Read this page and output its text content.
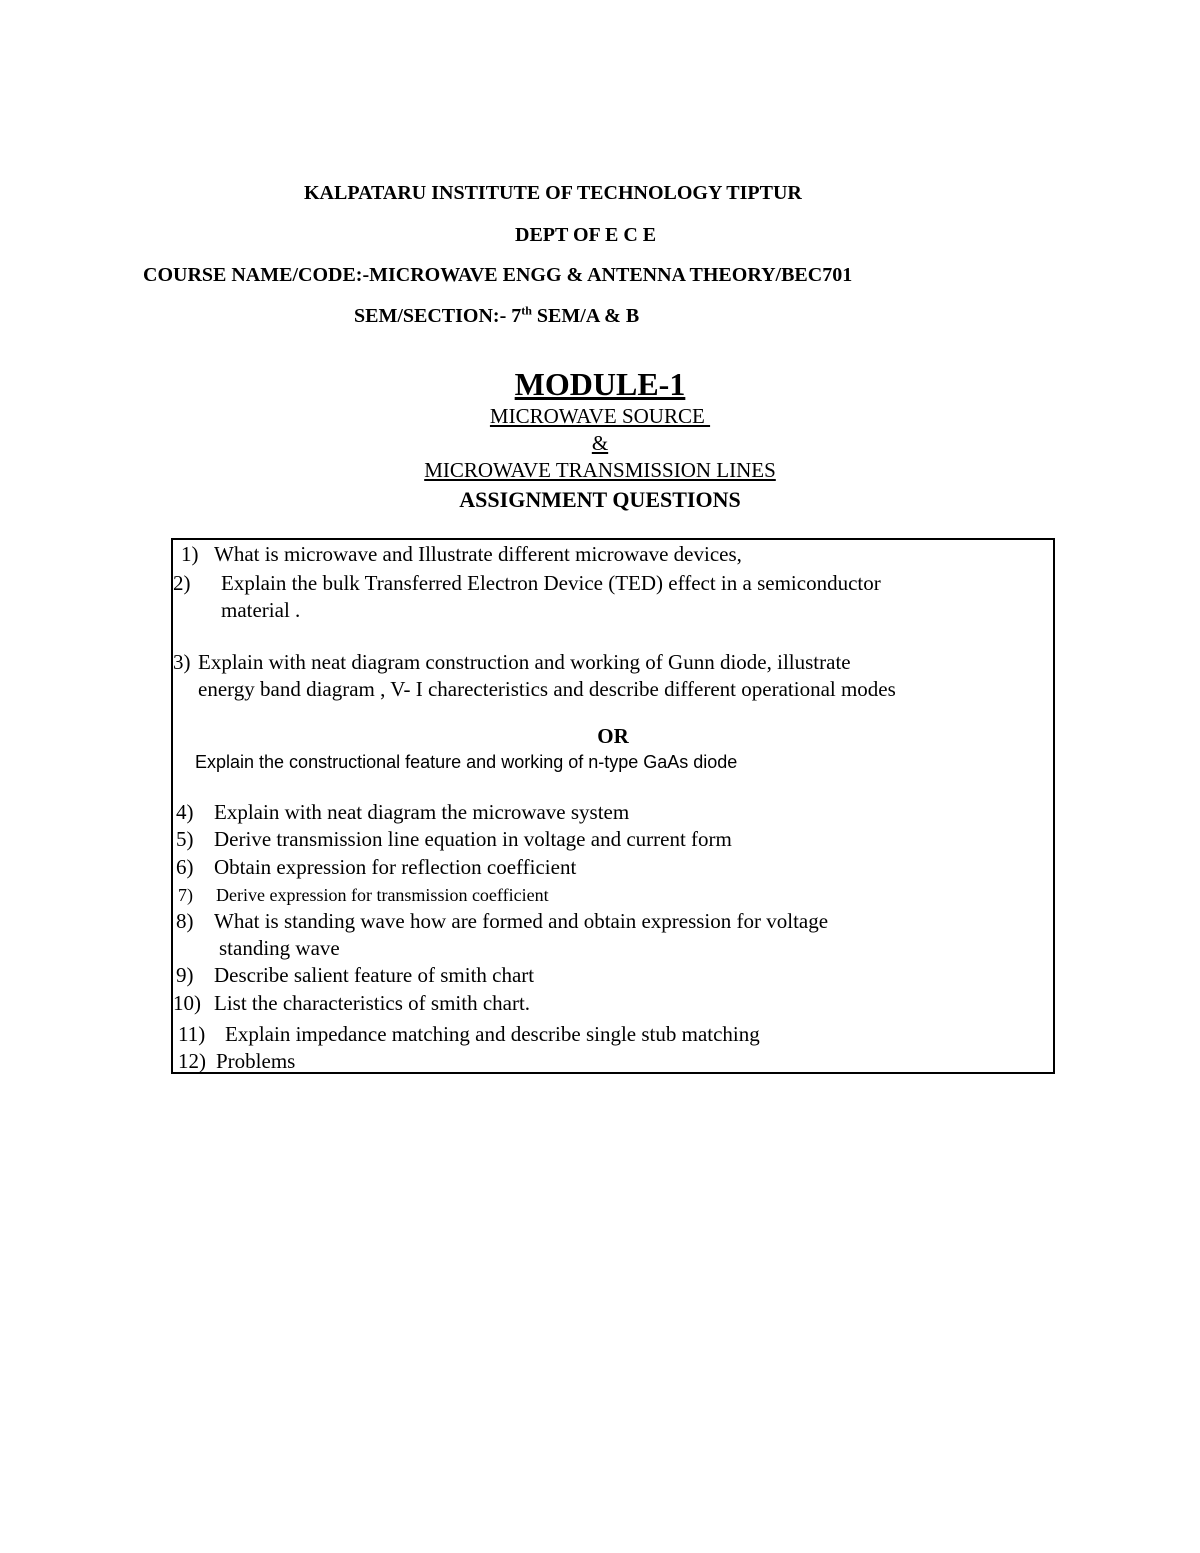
KALPATARU INSTITUTE OF TECHNOLOGY TIPTUR
DEPT OF E C E
COURSE NAME/CODE:-MICROWAVE ENGG & ANTENNA THEORY/BEC701
SEM/SECTION:- 7th SEM/A & B
MODULE-1
MICROWAVE SOURCE
&
MICROWAVE TRANSMISSION LINES
ASSIGNMENT QUESTIONS
1) What is microwave and Illustrate different microwave devices,
2) Explain the bulk Transferred Electron Device (TED) effect in a semiconductor
material .
3) Explain with neat diagram construction and working of Gunn diode, illustrate
energy band diagram , V- I charecteristics and describe different operational modes
OR
Explain the constructional feature and working of n-type GaAs diode
4) Explain with neat diagram the microwave system
5) Derive transmission line equation in voltage and current form
6) Obtain expression for reflection coefficient
7) Derive expression for transmission coefficient
8) What is standing wave how are formed and obtain expression for voltage
standing wave
9) Describe salient feature of smith chart
10) List the characteristics of smith chart.
11) Explain impedance matching and describe single stub matching
12) Problems
